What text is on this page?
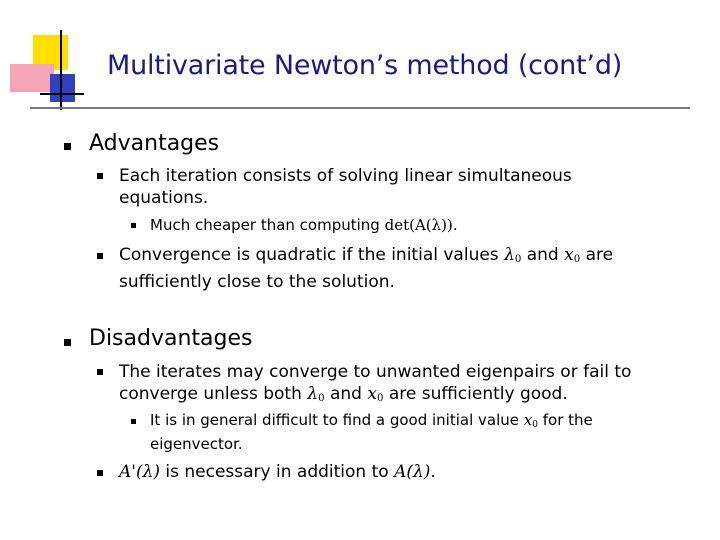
Multivariate Newton’s method (cont’d)
Advantages
Each iteration consists of solving linear simultaneous
equations.
Much cheaper than computing det(A(λ)).
Convergence is quadratic if the initial values $\lambda_0$ and $x_0$ are
sufficiently close to the solution.
Disadvantages
The iterates may converge to unwanted eigenpairs or fail to
converge unless both $\lambda_0$ and $x_0$ are sufficiently good.
It is in general difficult to find a good initial value $x_0$ for the
eigenvector.
A'(λ) is necessary in addition to A(λ).
